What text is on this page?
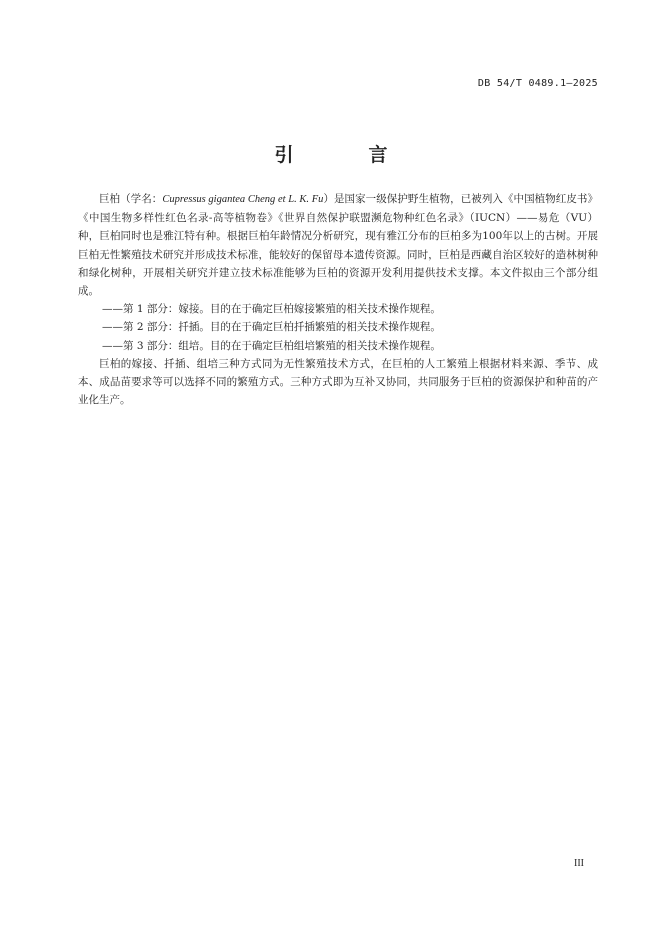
DB 54/T 0489.1—2025
引　言

巨柏（学名：Cupressus gigantea Cheng et L. K. Fu）是国家一级保护野生植物，已被列入《中国植物红皮书》《中国生物多样性红色名录-高等植物卷》《世界自然保护联盟濒危物种红色名录》（IUCN）——易危（VU）种，巨柏同时也是雅江特有种。根据巨柏年龄情况分析研究，现有雅江分布的巨柏多为100年以上的古树。开展巨柏无性繁殖技术研究并形成技术标准，能较好的保留母本遗传资源。同时，巨柏是西藏自治区较好的造林树种和绿化树种，开展相关研究并建立技术标准能够为巨柏的资源开发利用提供技术支撑。本文件拟由三个部分组成。

——第 1 部分：嫁接。目的在于确定巨柏嫁接繁殖的相关技术操作规程。

——第 2 部分：扦插。目的在于确定巨柏扦插繁殖的相关技术操作规程。

——第 3 部分：组培。目的在于确定巨柏组培繁殖的相关技术操作规程。

巨柏的嫁接、扦插、组培三种方式同为无性繁殖技术方式，在巨柏的人工繁殖上根据材料来源、季节、成本、成品苗要求等可以选择不同的繁殖方式。三种方式即为互补又协同，共同服务于巨柏的资源保护和种苗的产业化生产。

III
